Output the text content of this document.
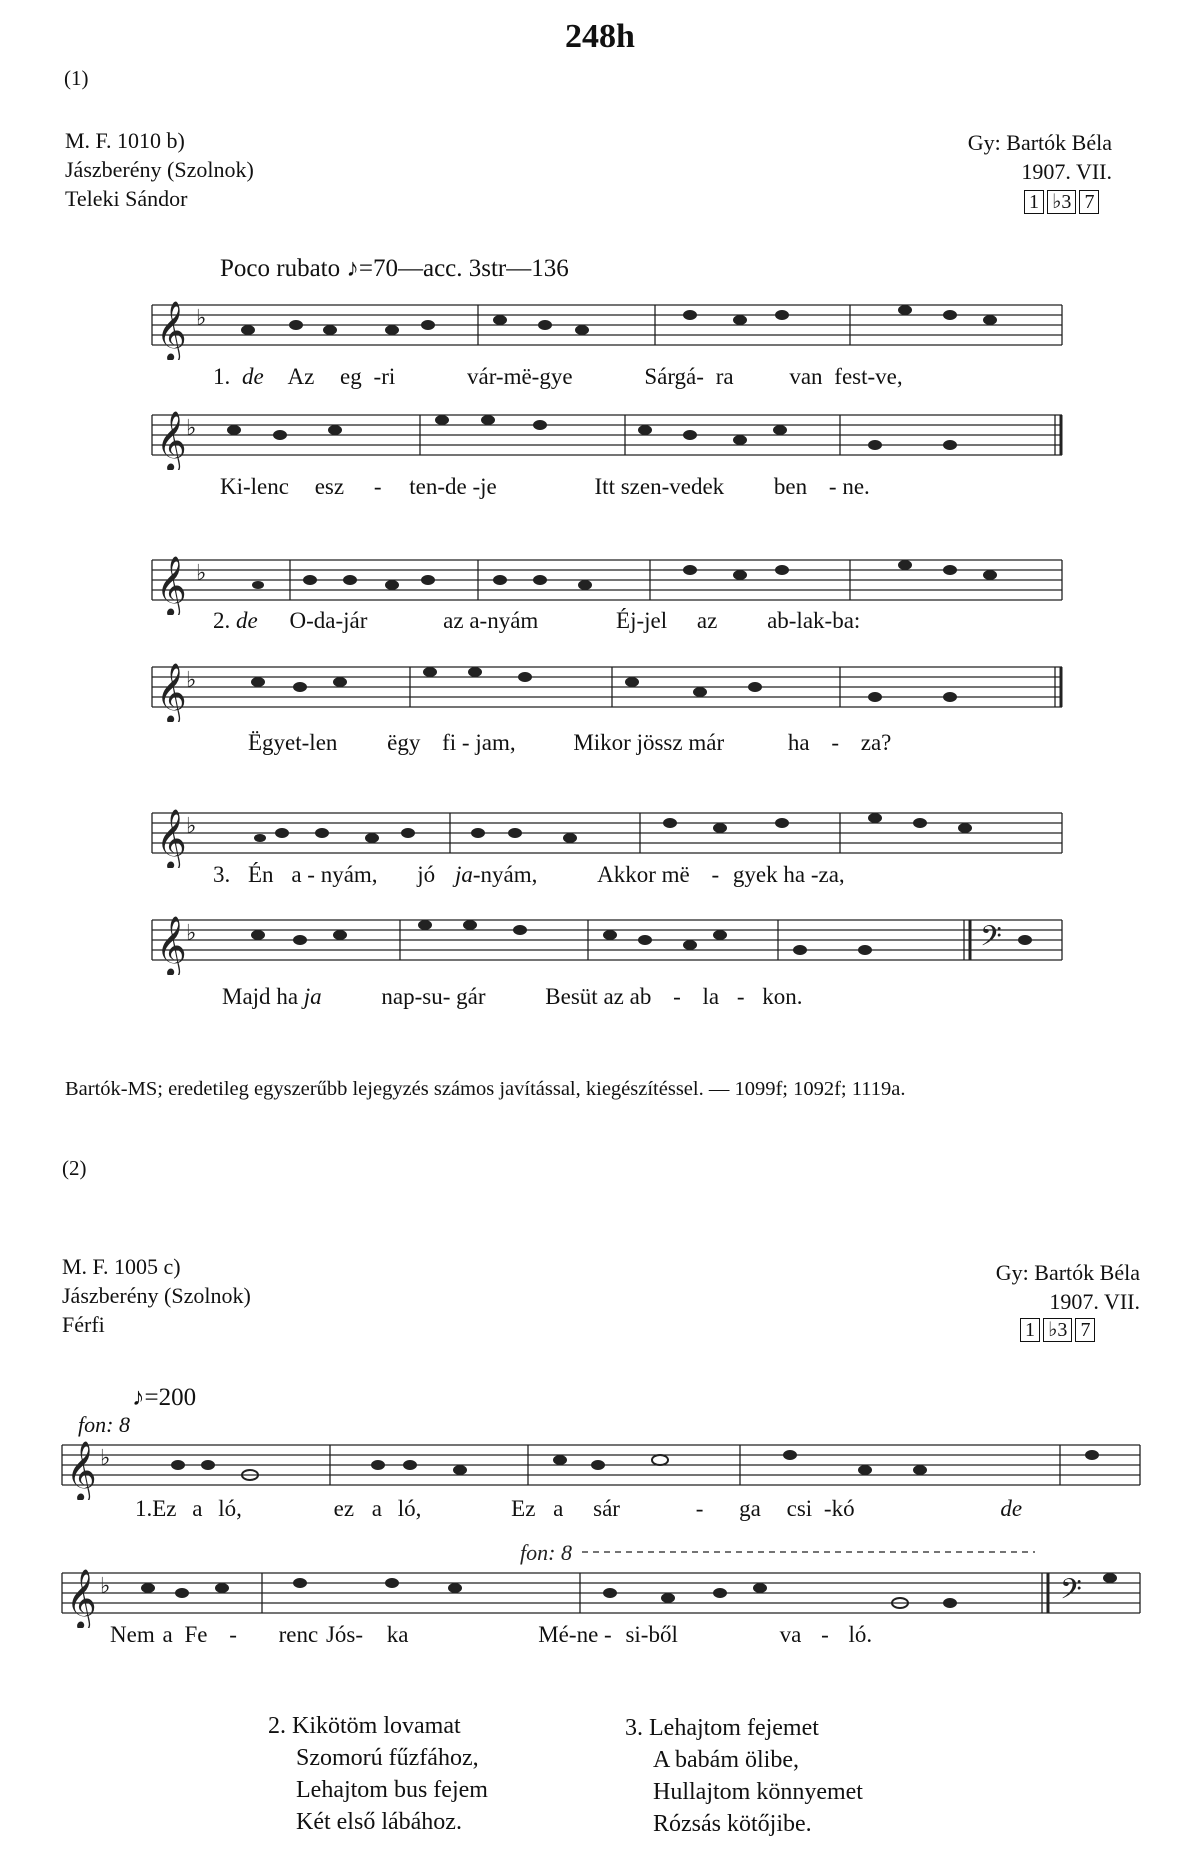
248h
(1)
M. F. 1010 b)
Jászberény (Szolnok)
Teleki Sándor
Gy: Bartók Béla
1907. VII.
1 ♭3 7
Poco rubato ♪=70—acc. 3str—136
𝄞 ♭
1. de Az eg -ri	vár-më-gye	Sárgá- ra van fest-ve,
𝄞 ♭
Ki-lenc esz - ten-de -je	Itt szen-vedek ben - ne.
𝄞 ♭
2. de O-da-jár	az a-nyám	Éj-jel az ab-lak-ba:
𝄞 ♭
Ëgyet-len ëgy fi - jam,	Mikor jössz már	ha - za?
𝄞 ♭
3. Én a - nyám, jó ja-nyám,	Akkor më - gyek ha -za,
𝄞 ♭	𝄢
Majd ha ja	nap-su- gár	Besüt az ab - la - kon.
Bartók-MS; eredetileg egyszerűbb lejegyzés számos javítással, kiegészítéssel. — 1099f; 1092f; 1119a.
(2)
M. F. 1005 c)
Jászberény (Szolnok)
Férfi
Gy: Bartók Béla
1907. VII.
1 ♭3 7
♪=200
fon: 8
𝄞 ♭
1.Ez a ló,	ez a ló,	Ez a sár	- ga csi -kó	de
fon: 8
𝄞 ♭	𝄢
Nem a Fe - renc Jós- ka	Mé-ne - si-ből	va - ló.
2. Kikötöm lovamat
Szomorú fűzfához,
Lehajtom bus fejem
Két első lábához.
3. Lehajtom fejemet
A babám ölibe,
Hullajtom könnyemet
Rózsás kötőjibe.
